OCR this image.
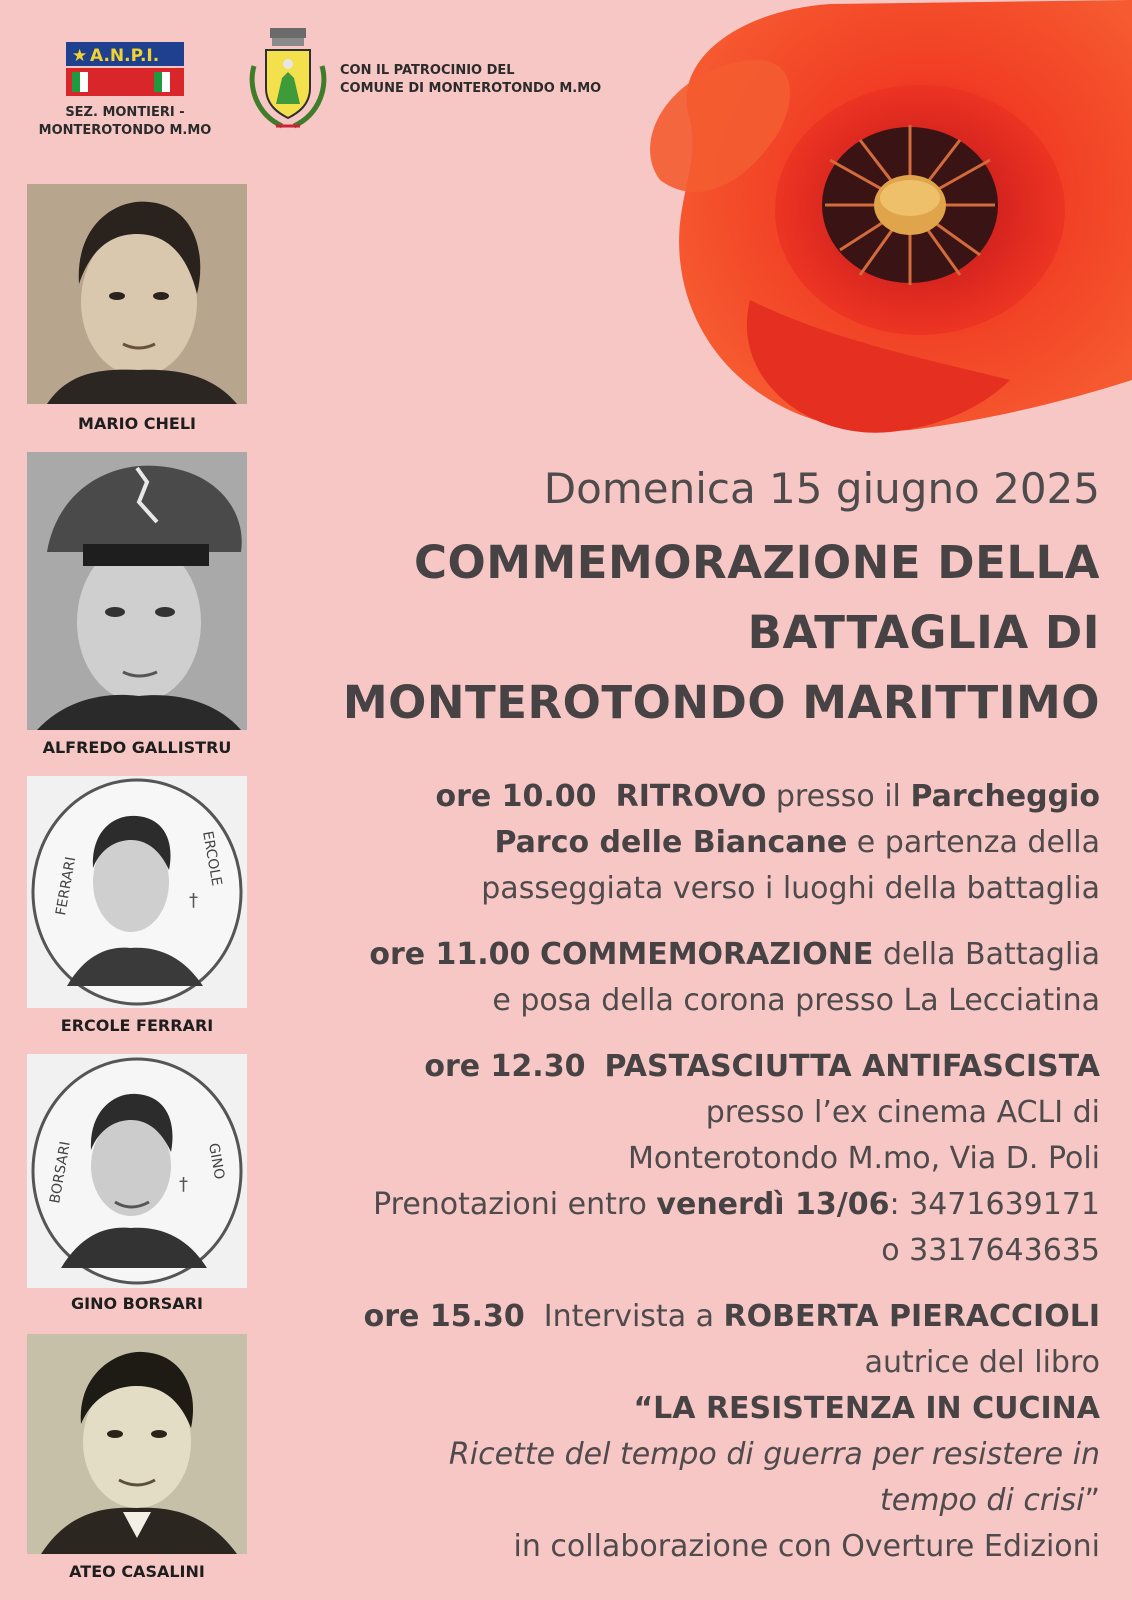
★ A.N.P.I.
SEZ. MONTIERI -
MONTEROTONDO M.MO
CON IL PATROCINIO DEL
COMUNE DI MONTEROTONDO M.MO
MARIO CHELI
ALFREDO GALLISTRU
FERRARI	ERCOLE
†
ERCOLE FERRARI
BORSARI	GINO
†
GINO BORSARI
ATEO CASALINI
Domenica 15 giugno 2025
COMMEMORAZIONE DELLA
BATTAGLIA DI
MONTEROTONDO MARITTIMO
ore 10.00 RITROVO presso il Parcheggio
Parco delle Biancane e partenza della
passeggiata verso i luoghi della battaglia
ore 11.00 COMMEMORAZIONE della Battaglia
e posa della corona presso La Lecciatina
ore 12.30 PASTASCIUTTA ANTIFASCISTA
presso l’ex cinema ACLI di
Monterotondo M.mo, Via D. Poli
Prenotazioni entro venerdì 13/06: 3471639171
o 3317643635
ore 15.30 Intervista a ROBERTA PIERACCIOLI
autrice del libro
“LA RESISTENZA IN CUCINA
Ricette del tempo di guerra per resistere in
tempo di crisi”
in collaborazione con Overture Edizioni
